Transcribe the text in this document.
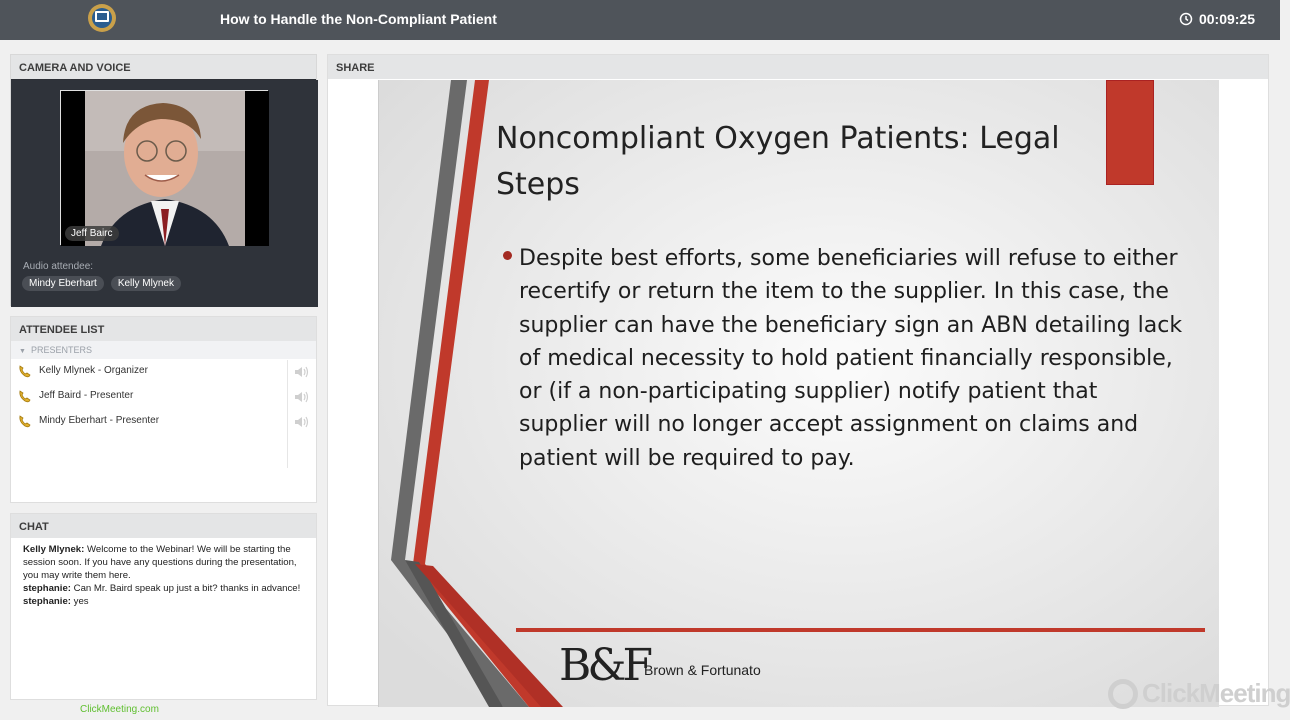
How to Handle the Non-Compliant Patient	00:09:25
CAMERA AND VOICE
Jeff Bairc
Audio attendee:
Mindy Eberhart	Kelly Mlynek
ATTENDEE LIST
▼ PRESENTERS
Kelly Mlynek - Organizer
Jeff Baird - Presenter
Mindy Eberhart - Presenter
CHAT
Kelly Mlynek: Welcome to the Webinar! We will be starting the session soon. If you have any questions during the presentation, you may write them here.
stephanie: Can Mr. Baird speak up just a bit? thanks in advance!
stephanie: yes
ClickMeeting.com
SHARE
Noncompliant Oxygen Patients: Legal
Steps
Despite best efforts, some beneficiaries will refuse to either recertify or return the item to the supplier. In this case, the supplier can have the beneficiary sign an ABN detailing lack of medical necessity to hold patient financially responsible, or (if a non-participating supplier) notify patient that supplier will no longer accept assignment on claims and patient will be required to pay.
B&F
Brown & Fortunato
ClickMeeting
